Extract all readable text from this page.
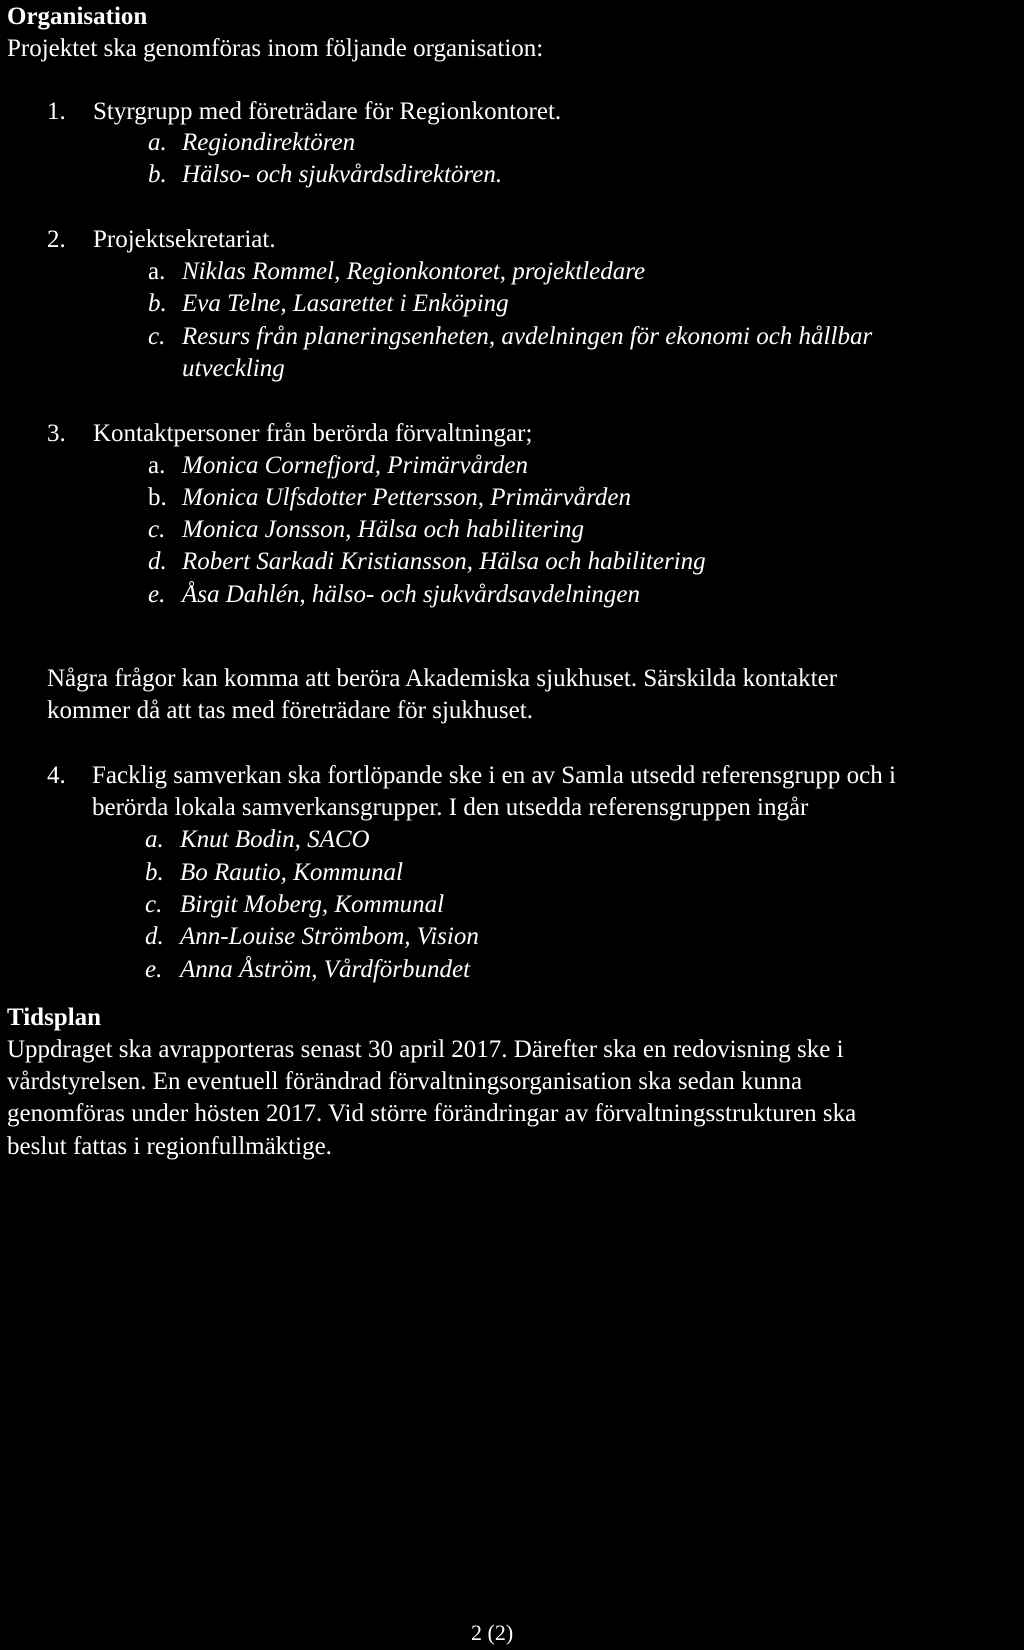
Organisation
Projektet ska genomföras inom följande organisation:
1. Styrgrupp med företrädare för Regionkontoret.
a. Regiondirektören
b. Hälso- och sjukvårdsdirektören.
2. Projektsekretariat.
a. Niklas Rommel, Regionkontoret, projektledare
b. Eva Telne, Lasarettet i Enköping
c. Resurs från planeringsenheten, avdelningen för ekonomi och hållbar
utveckling
3. Kontaktpersoner från berörda förvaltningar;
a. Monica Cornefjord, Primärvården
b. Monica Ulfsdotter Pettersson, Primärvården
c. Monica Jonsson, Hälsa och habilitering
d. Robert Sarkadi Kristiansson, Hälsa och habilitering
e. Åsa Dahlén, hälso- och sjukvårdsavdelningen
Några frågor kan komma att beröra Akademiska sjukhuset. Särskilda kontakter
kommer då att tas med företrädare för sjukhuset.
4. Facklig samverkan ska fortlöpande ske i en av Samla utsedd referensgrupp och i
berörda lokala samverkansgrupper. I den utsedda referensgruppen ingår
a. Knut Bodin, SACO
b. Bo Rautio, Kommunal
c. Birgit Moberg, Kommunal
d. Ann-Louise Strömbom, Vision
e. Anna Åström, Vårdförbundet
Tidsplan
Uppdraget ska avrapporteras senast 30 april 2017. Därefter ska en redovisning ske i
vårdstyrelsen. En eventuell förändrad förvaltningsorganisation ska sedan kunna
genomföras under hösten 2017. Vid större förändringar av förvaltningsstrukturen ska
beslut fattas i regionfullmäktige.
2 (2)
